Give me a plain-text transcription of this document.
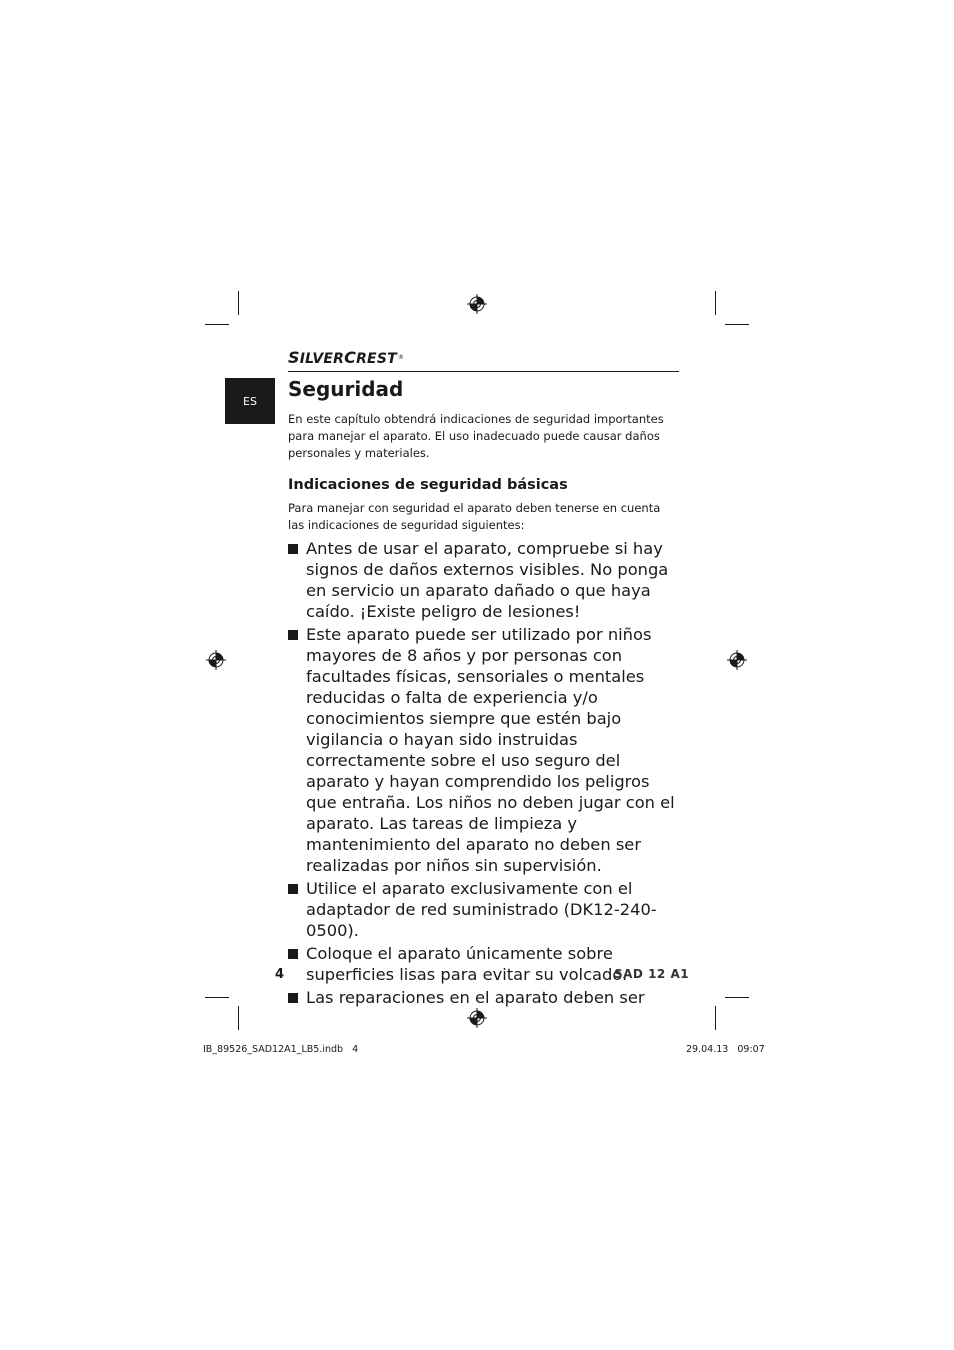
SILVERCREST®
ES Seguridad
En este capítulo obtendrá indicaciones de seguridad importantes para manejar el aparato. El uso inadecuado puede causar daños personales y materiales.
Indicaciones de seguridad básicas
Para manejar con seguridad el aparato deben tenerse en cuenta las indicaciones de seguridad siguientes:
Antes de usar el aparato, compruebe si hay signos de daños externos visibles. No ponga en servicio un aparato dañado o que haya caído. ¡Existe peligro de lesiones!
Este aparato puede ser utilizado por niños mayores de 8 años y por personas con facultades físicas, sensoriales o mentales reducidas o falta de experiencia y/o conocimientos siempre que estén bajo vigilancia o hayan sido instruidas correctamente sobre el uso seguro del aparato y hayan comprendido los peligros que entraña. Los niños no deben jugar con el aparato. Las tareas de limpieza y mantenimiento del aparato no deben ser realizadas por niños sin supervisión.
Utilice el aparato exclusivamente con el adaptador de red suministrado (DK12-240-0500).
Coloque el aparato únicamente sobre superficies lisas para evitar su volcado.
Las reparaciones en el aparato deben ser
4	SAD 12 A1
IB_89526_SAD12A1_LB5.indb   4	29.04.13   09:07
